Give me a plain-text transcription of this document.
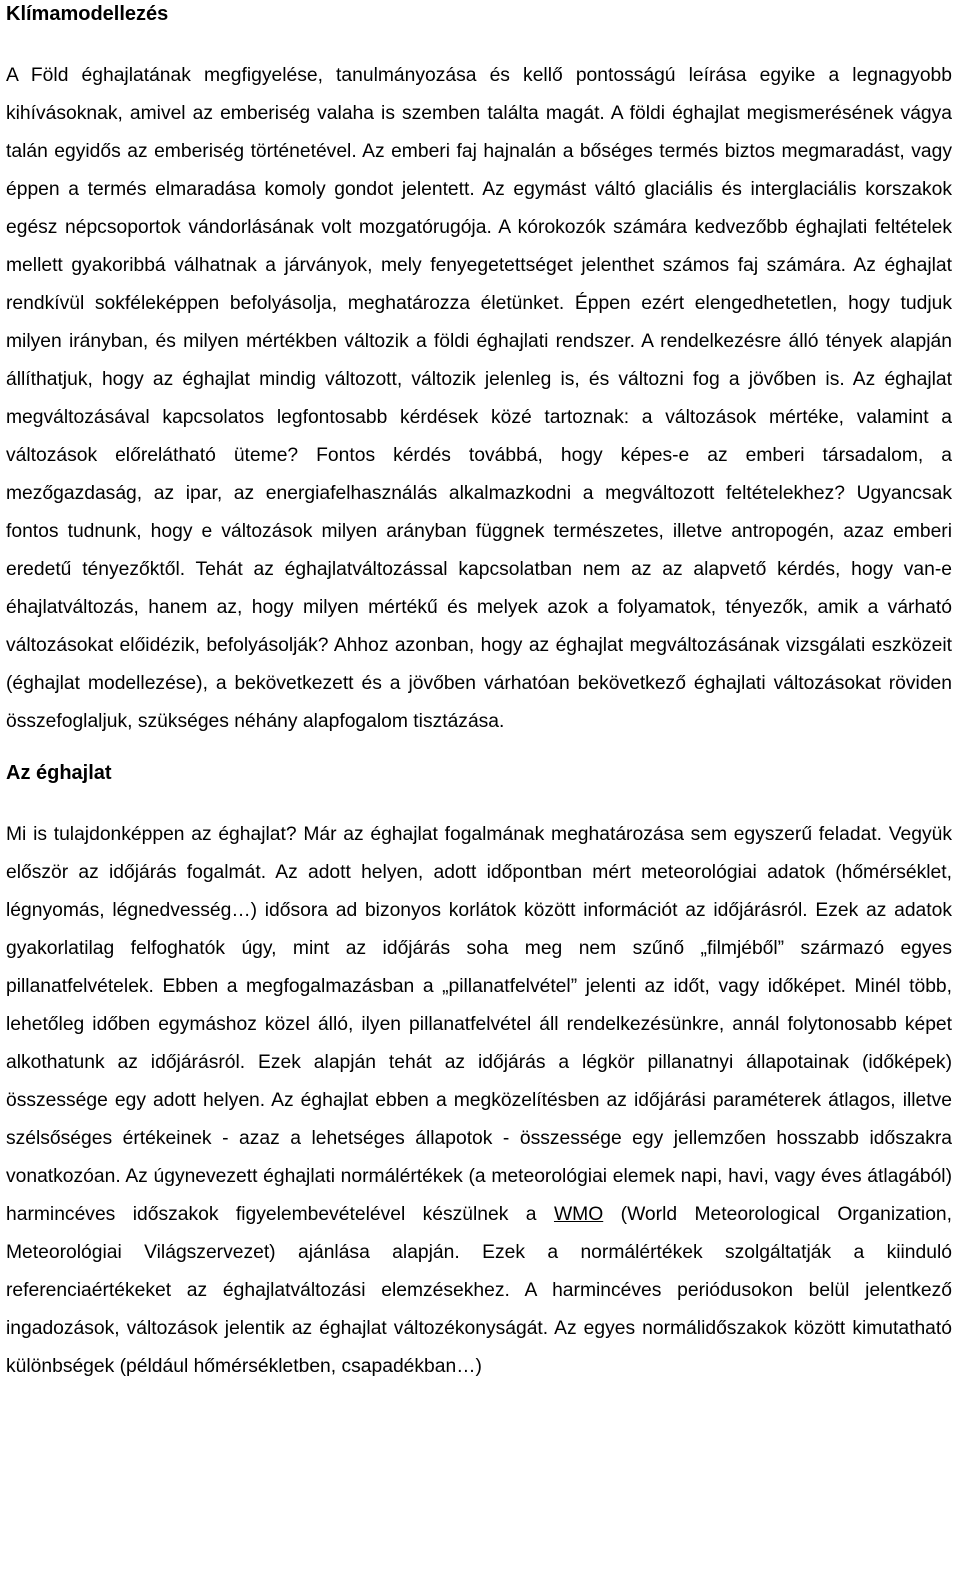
Klímamodellezés

A Föld éghajlatának megfigyelése, tanulmányozása és kellő pontosságú leírása egyike a legnagyobb kihívásoknak, amivel az emberiség valaha is szemben találta magát. A földi éghajlat megismerésének vágya talán egyidős az emberiség történetével. Az emberi faj hajnalán a bőséges termés biztos megmaradást, vagy éppen a termés elmaradása komoly gondot jelentett. Az egymást váltó glaciális és interglaciális korszakok egész népcsoportok vándorlásának volt mozgatórugója. A kórokozók számára kedvezőbb éghajlati feltételek mellett gyakoribbá válhatnak a járványok, mely fenyegetettséget jelenthet számos faj számára. Az éghajlat rendkívül sokféleképpen befolyásolja, meghatározza életünket. Éppen ezért elengedhetetlen, hogy tudjuk milyen irányban, és milyen mértékben változik a földi éghajlati rendszer. A rendelkezésre álló tények alapján állíthatjuk, hogy az éghajlat mindig változott, változik jelenleg is, és változni fog a jövőben is. Az éghajlat megváltozásával kapcsolatos legfontosabb kérdések közé tartoznak: a változások mértéke, valamint a változások előrelátható üteme? Fontos kérdés továbbá, hogy képes-e az emberi társadalom, a mezőgazdaság, az ipar, az energiafelhasználás alkalmazkodni a megváltozott feltételekhez? Ugyancsak fontos tudnunk, hogy e változások milyen arányban függnek természetes, illetve antropogén, azaz emberi eredetű tényezőktől. Tehát az éghajlatváltozással kapcsolatban nem az az alapvető kérdés, hogy van-e éhajlatváltozás, hanem az, hogy milyen mértékű és melyek azok a folyamatok, tényezők, amik a várható változásokat előidézik, befolyásolják? Ahhoz azonban, hogy az éghajlat megváltozásának vizsgálati eszközeit (éghajlat modellezése), a bekövetkezett és a jövőben várhatóan bekövetkező éghajlati változásokat röviden összefoglaljuk, szükséges néhány alapfogalom tisztázása.

Az éghajlat

Mi is tulajdonképpen az éghajlat? Már az éghajlat fogalmának meghatározása sem egyszerű feladat. Vegyük először az időjárás fogalmát. Az adott helyen, adott időpontban mért meteorológiai adatok (hőmérséklet, légnyomás, légnedvesség…) idősora ad bizonyos korlátok között információt az időjárásról. Ezek az adatok gyakorlatilag felfoghatók úgy, mint az időjárás soha meg nem szűnő „filmjéből” származó egyes pillanatfelvételek. Ebben a megfogalmazásban a „pillanatfelvétel” jelenti az időt, vagy időképet. Minél több, lehetőleg időben egymáshoz közel álló, ilyen pillanatfelvétel áll rendelkezésünkre, annál folytonosabb képet alkothatunk az időjárásról. Ezek alapján tehát az időjárás a légkör pillanatnyi állapotainak (időképek) összessége egy adott helyen. Az éghajlat ebben a megközelítésben az időjárási paraméterek átlagos, illetve szélsőséges értékeinek - azaz a lehetséges állapotok - összessége egy jellemzően hosszabb időszakra vonatkozóan. Az úgynevezett éghajlati normálértékek (a meteorológiai elemek napi, havi, vagy éves átlagából) harmincéves időszakok figyelembevételével készülnek a WMO (World Meteorological Organization, Meteorológiai Világszervezet) ajánlása alapján. Ezek a normálértékek szolgáltatják a kiinduló referenciaértékeket az éghajlatváltozási elemzésekhez. A harmincéves periódusokon belül jelentkező ingadozások, változások jelentik az éghajlat változékonyságát. Az egyes normálidőszakok között kimutatható különbségek (például hőmérsékletben, csapadékban…)
